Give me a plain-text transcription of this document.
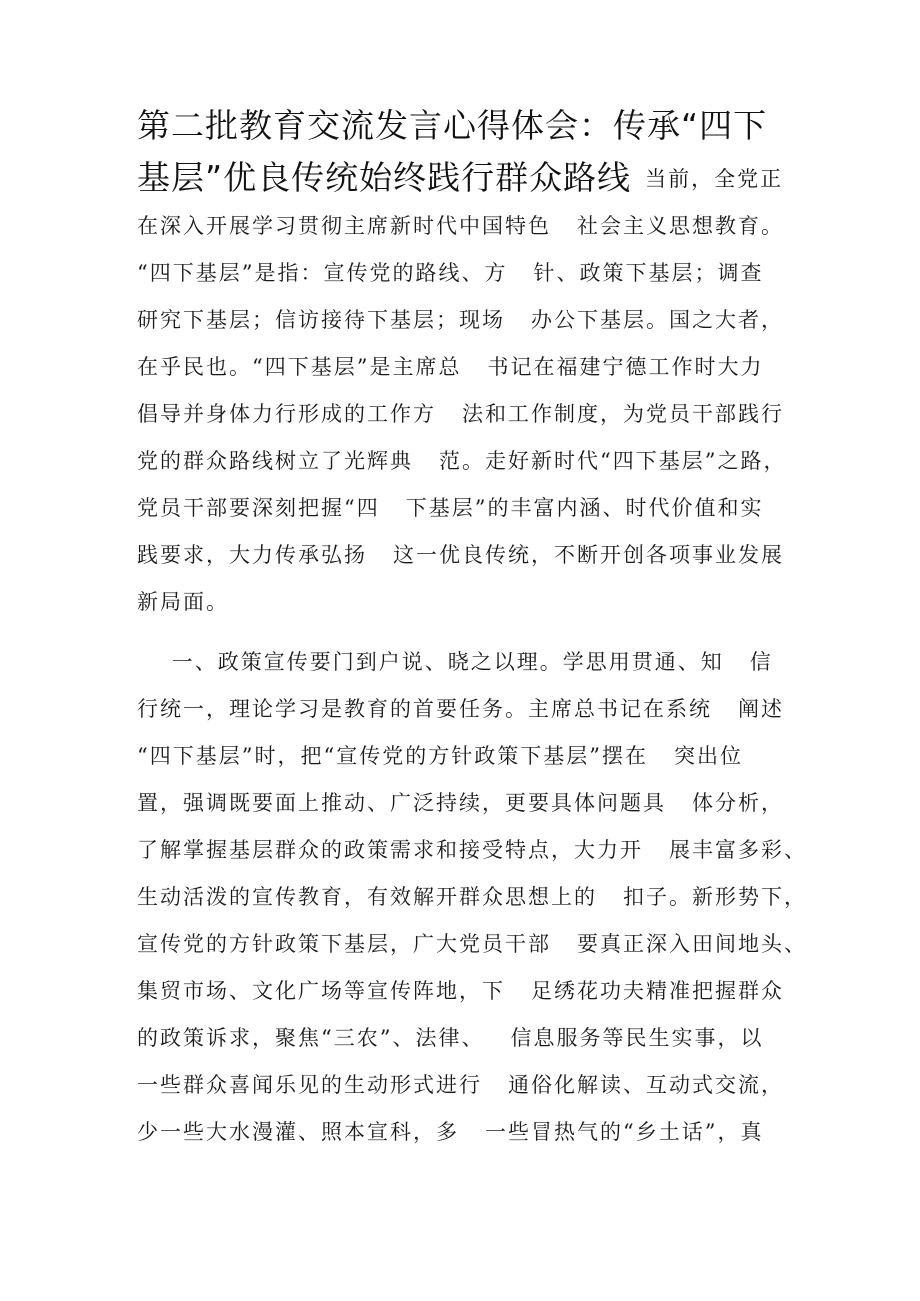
第二批教育交流发言心得体会：传承“四下
基层”优良传统始终践行群众路线 当前，全党正
在深入开展学习贯彻主席新时代中国特色   社会主义思想教育。
“四下基层”是指：宣传党的路线、方   针、政策下基层；调查
研究下基层；信访接待下基层；现场   办公下基层。国之大者，
在乎民也。“四下基层”是主席总   书记在福建宁德工作时大力
倡导并身体力行形成的工作方   法和工作制度，为党员干部践行
党的群众路线树立了光辉典   范。走好新时代“四下基层”之路，
党员干部要深刻把握“四   下基层”的丰富内涵、时代价值和实
践要求，大力传承弘扬   这一优良传统，不断开创各项事业发展
新局面。
一、政策宣传要门到户说、晓之以理。学思用贯通、知   信
行统一，理论学习是教育的首要任务。主席总书记在系统   阐述
“四下基层”时，把“宣传党的方针政策下基层”摆在   突出位
置，强调既要面上推动、广泛持续，更要具体问题具   体分析，
了解掌握基层群众的政策需求和接受特点，大力开   展丰富多彩、
生动活泼的宣传教育，有效解开群众思想上的   扣子。新形势下，
宣传党的方针政策下基层，广大党员干部   要真正深入田间地头、
集贸市场、文化广场等宣传阵地，下   足绣花功夫精准把握群众
的政策诉求，聚焦“三农”、法律、   信息服务等民生实事，以
一些群众喜闻乐见的生动形式进行   通俗化解读、互动式交流，
少一些大水漫灌、照本宣科，多   一些冒热气的“乡土话”，真
